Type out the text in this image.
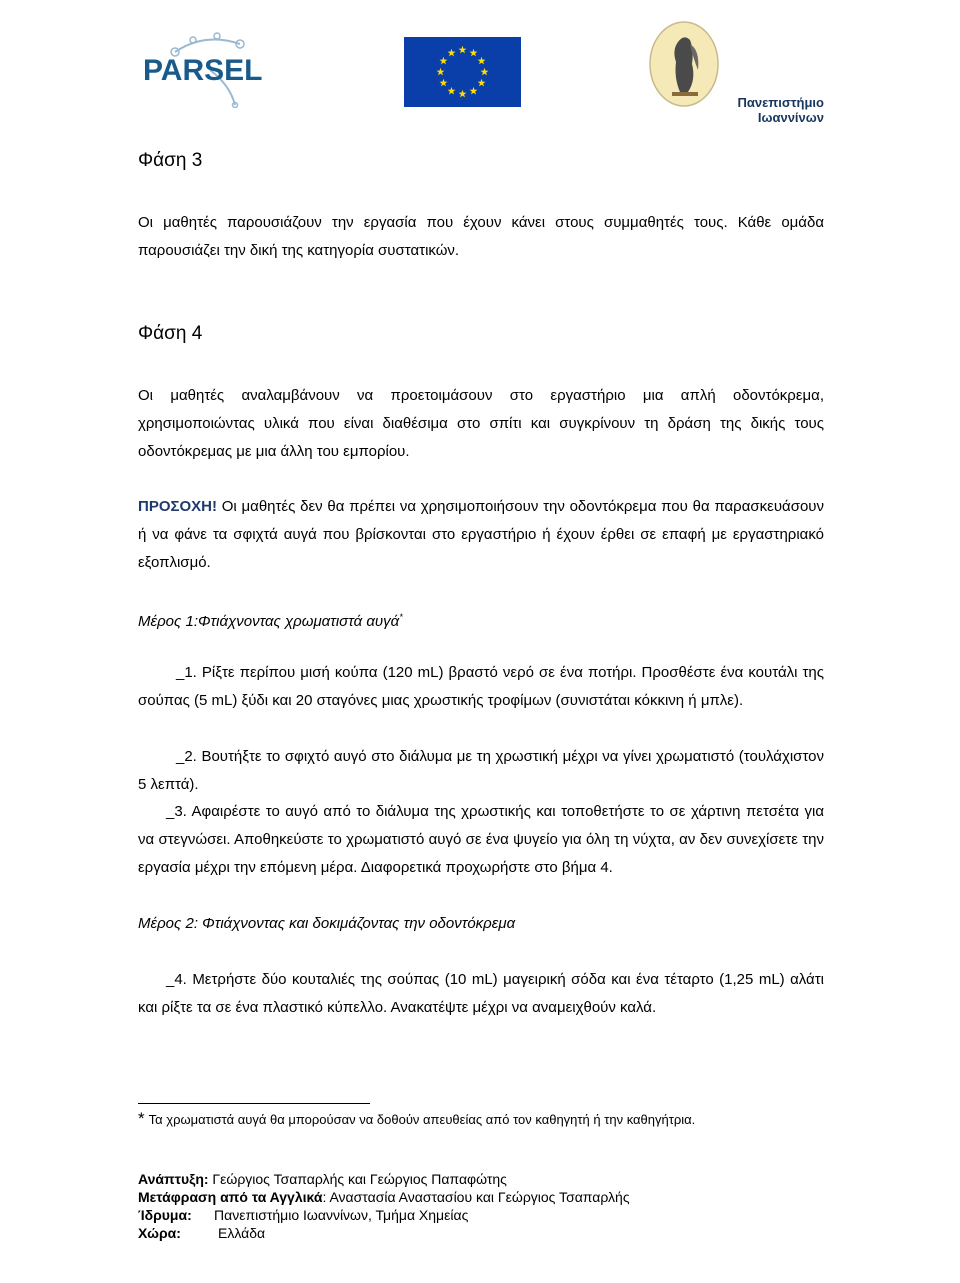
PARSEL
Πανεπιστήμιο Ιωαννίνων

Φάση 3

Οι μαθητές παρουσιάζουν την εργασία που έχουν κάνει στους συμμαθητές τους. Κάθε ομάδα παρουσιάζει την δική της κατηγορία συστατικών.

Φάση 4

Οι μαθητές αναλαμβάνουν να προετοιμάσουν στο εργαστήριο μια απλή οδοντόκρεμα, χρησιμοποιώντας υλικά που είναι διαθέσιμα στο σπίτι και συγκρίνουν τη δράση της δικής τους οδοντόκρεμας με μια άλλη του εμπορίου.

ΠΡΟΣΟΧΗ! Οι μαθητές δεν θα πρέπει να χρησιμοποιήσουν την οδοντόκρεμα που θα παρασκευάσουν ή να φάνε τα σφιχτά αυγά που βρίσκονται στο εργαστήριο ή έχουν έρθει σε επαφή με εργαστηριακό εξοπλισμό.

Μέρος 1:Φτιάχνοντας χρωματιστά αυγά*

_1. Ρίξτε περίπου μισή κούπα (120 mL) βραστό νερό σε ένα ποτήρι. Προσθέστε ένα κουτάλι της σούπας (5 mL) ξύδι και 20 σταγόνες μιας χρωστικής τροφίμων (συνιστάται κόκκινη ή μπλε).

_2. Βουτήξτε το σφιχτό αυγό στο διάλυμα με τη χρωστική μέχρι να γίνει χρωματιστό (τουλάχιστον 5 λεπτά).

_3. Αφαιρέστε το αυγό από το διάλυμα της χρωστικής και τοποθετήστε το σε χάρτινη πετσέτα για να στεγνώσει. Αποθηκεύστε το χρωματιστό αυγό σε ένα ψυγείο για όλη τη νύχτα, αν δεν συνεχίσετε την εργασία μέχρι την επόμενη μέρα. Διαφορετικά προχωρήστε στο βήμα 4.

Μέρος 2: Φτιάχνοντας και δοκιμάζοντας την οδοντόκρεμα

_4. Μετρήστε δύο κουταλιές της σούπας (10 mL) μαγειρική σόδα και ένα τέταρτο (1,25 mL) αλάτι και ρίξτε τα σε ένα πλαστικό κύπελλο. Ανακατέψτε μέχρι να αναμειχθούν καλά.

* Τα χρωματιστά αυγά θα μπορούσαν να δοθούν απευθείας από τον καθηγητή ή την καθηγήτρια.
Ανάπτυξη: Γεώργιος Τσαπαρλής και Γεώργιος Παπαφώτης
Μετάφραση από τα Αγγλικά: Αναστασία Αναστασίου και Γεώργιος Τσαπαρλής
Ίδρυμα: Πανεπιστήμιο Ιωαννίνων, Τμήμα Χημείας
Χώρα:	Ελλάδα
